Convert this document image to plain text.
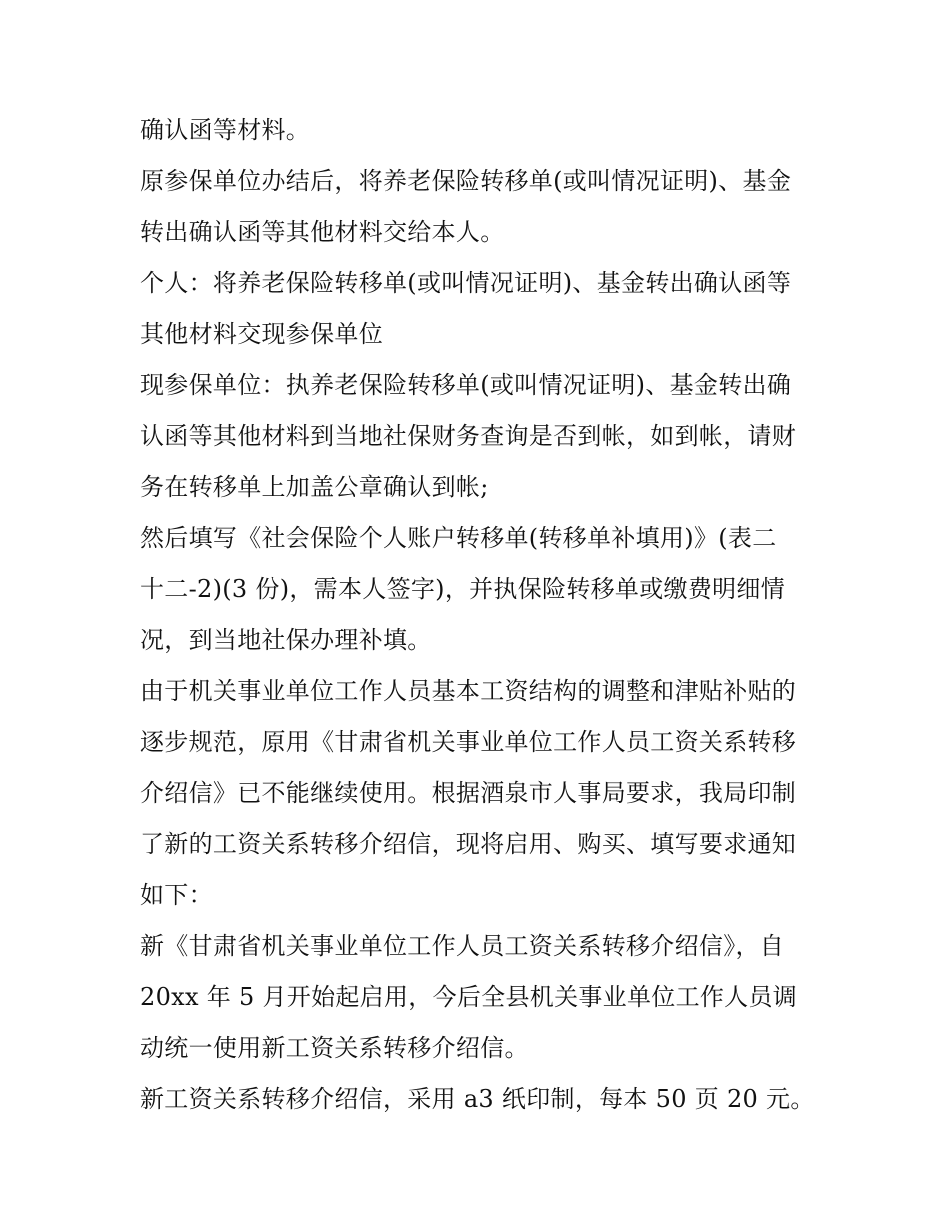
确认函等材料。
原参保单位办结后，将养老保险转移单(或叫情况证明)、基金
转出确认函等其他材料交给本人。
个人：将养老保险转移单(或叫情况证明)、基金转出确认函等
其他材料交现参保单位
现参保单位：执养老保险转移单(或叫情况证明)、基金转出确
认函等其他材料到当地社保财务查询是否到帐，如到帐，请财
务在转移单上加盖公章确认到帐;
然后填写《社会保险个人账户转移单(转移单补填用)》(表二
十二-2)(3 份)，需本人签字)，并执保险转移单或缴费明细情
况，到当地社保办理补填。
由于机关事业单位工作人员基本工资结构的调整和津贴补贴的
逐步规范，原用《甘肃省机关事业单位工作人员工资关系转移
介绍信》已不能继续使用。根据酒泉市人事局要求，我局印制
了新的工资关系转移介绍信，现将启用、购买、填写要求通知
如下：
新《甘肃省机关事业单位工作人员工资关系转移介绍信》，自
20xx 年 5 月开始起启用，今后全县机关事业单位工作人员调
动统一使用新工资关系转移介绍信。
新工资关系转移介绍信，采用 a3 纸印制，每本 50 页 20 元。
